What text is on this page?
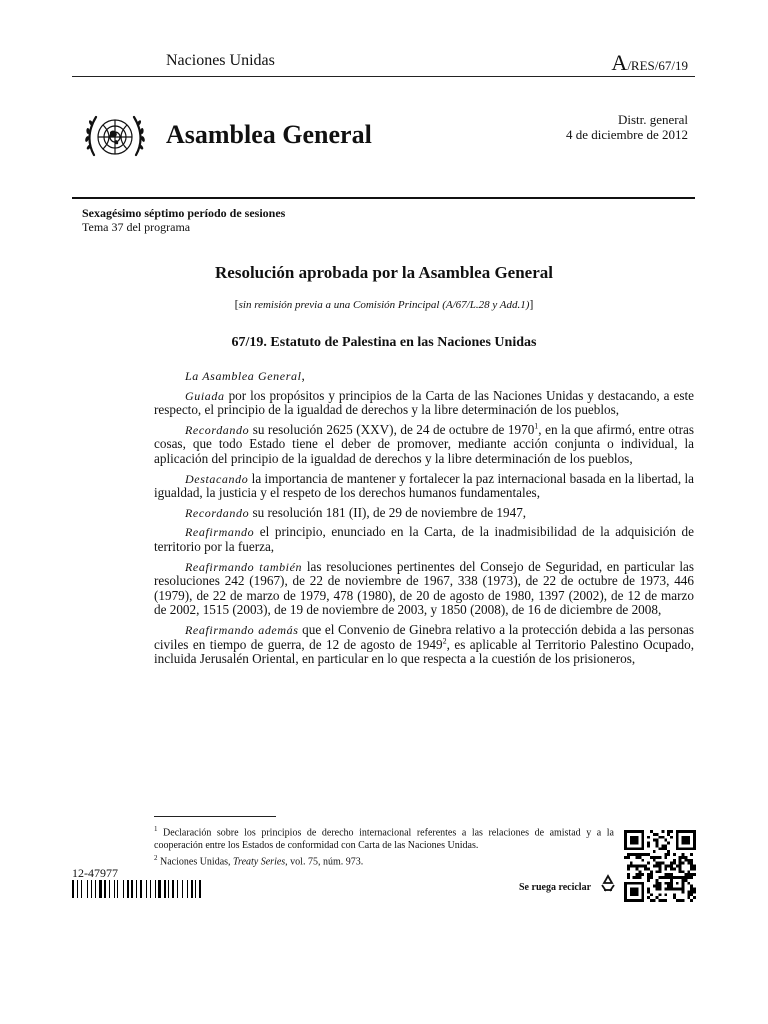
Naciones Unidas	A/RES/67/19
Asamblea General
Distr. general
4 de diciembre de 2012
Sexagésimo séptimo período de sesiones
Tema 37 del programa
Resolución aprobada por la Asamblea General
[sin remisión previa a una Comisión Principal (A/67/L.28 y Add.1)]
67/19. Estatuto de Palestina en las Naciones Unidas

La Asamblea General,

Guiada por los propósitos y principios de la Carta de las Naciones Unidas y destacando, a este respecto, el principio de la igualdad de derechos y la libre determinación de los pueblos,

Recordando su resolución 2625 (XXV), de 24 de octubre de 1970$^1$, en la que afirmó, entre otras cosas, que todo Estado tiene el deber de promover, mediante acción conjunta o individual, la aplicación del principio de la igualdad de derechos y la libre determinación de los pueblos,

Destacando la importancia de mantener y fortalecer la paz internacional basada en la libertad, la igualdad, la justicia y el respeto de los derechos humanos fundamentales,

Recordando su resolución 181 (II), de 29 de noviembre de 1947,

Reafirmando el principio, enunciado en la Carta, de la inadmisibilidad de la adquisición de territorio por la fuerza,

Reafirmando también las resoluciones pertinentes del Consejo de Seguridad, en particular las resoluciones 242 (1967), de 22 de noviembre de 1967, 338 (1973), de 22 de octubre de 1973, 446 (1979), de 22 de marzo de 1979, 478 (1980), de 20 de agosto de 1980, 1397 (2002), de 12 de marzo de 2002, 1515 (2003), de 19 de noviembre de 2003, y 1850 (2008), de 16 de diciembre de 2008,

Reafirmando además que el Convenio de Ginebra relativo a la protección debida a las personas civiles en tiempo de guerra, de 12 de agosto de 1949$^2$, es aplicable al Territorio Palestino Ocupado, incluida Jerusalén Oriental, en particular en lo que respecta a la cuestión de los prisioneros,

$^1$ Declaración sobre los principios de derecho internacional referentes a las relaciones de amistad y a la cooperación entre los Estados de conformidad con Carta de las Naciones Unidas.

$^2$ Naciones Unidas, Treaty Series, vol. 75, núm. 973.

12-47977
Se ruega reciclar
